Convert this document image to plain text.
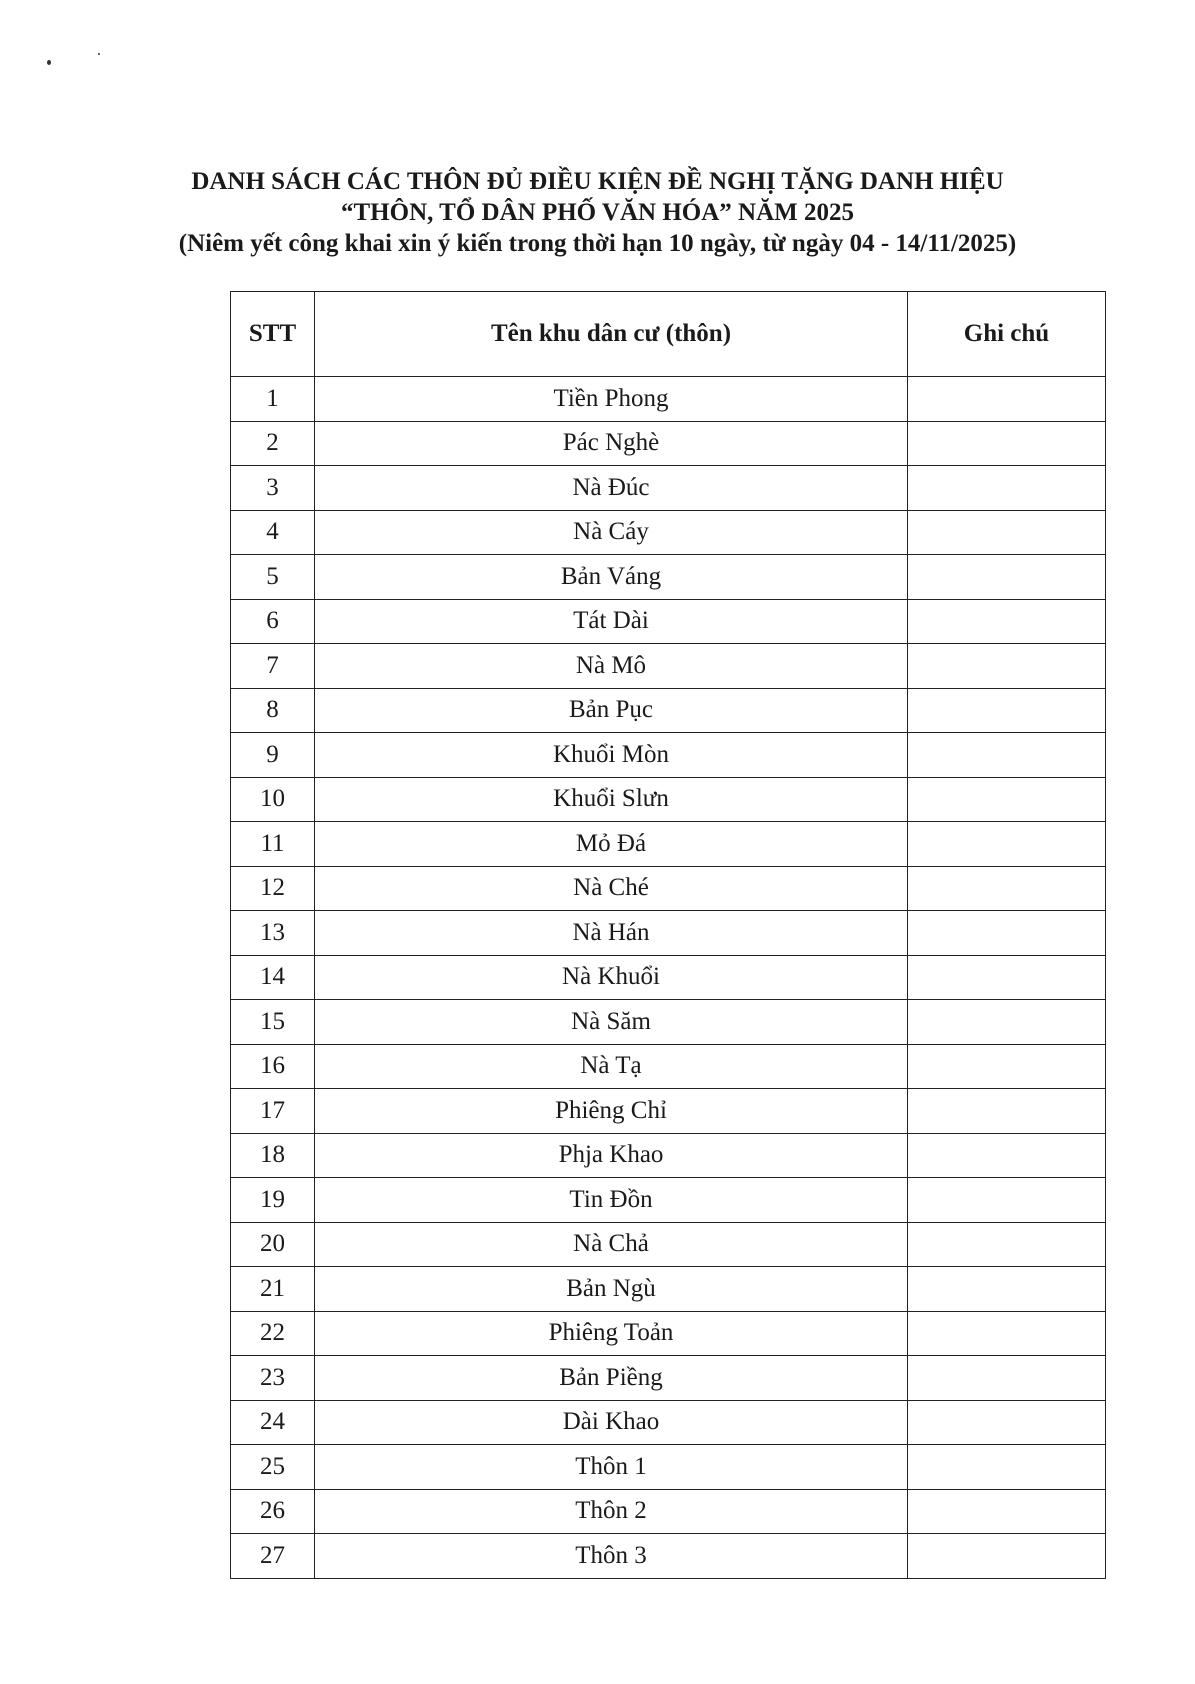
DANH SÁCH CÁC THÔN ĐỦ ĐIỀU KIỆN ĐỀ NGHỊ TẶNG DANH HIỆU
“THÔN, TỔ DÂN PHỐ VĂN HÓA” NĂM 2025
(Niêm yết công khai xin ý kiến trong thời hạn 10 ngày, từ ngày 04 - 14/11/2025)
STT	Tên khu dân cư (thôn)	Ghi chú
1	Tiền Phong	
2	Pác Nghè	
3	Nà Đúc	
4	Nà Cáy	
5	Bản Váng	
6	Tát Dài	
7	Nà Mô	
8	Bản Pục	
9	Khuổi Mòn	
10	Khuổi Slưn	
11	Mỏ Đá	
12	Nà Ché	
13	Nà Hán	
14	Nà Khuổi	
15	Nà Săm	
16	Nà Tạ	
17	Phiêng Chỉ	
18	Phja Khao	
19	Tin Đồn	
20	Nà Chả	
21	Bản Ngù	
22	Phiêng Toản	
23	Bản Piềng	
24	Dài Khao	
25	Thôn 1	
26	Thôn 2	
27	Thôn 3	
